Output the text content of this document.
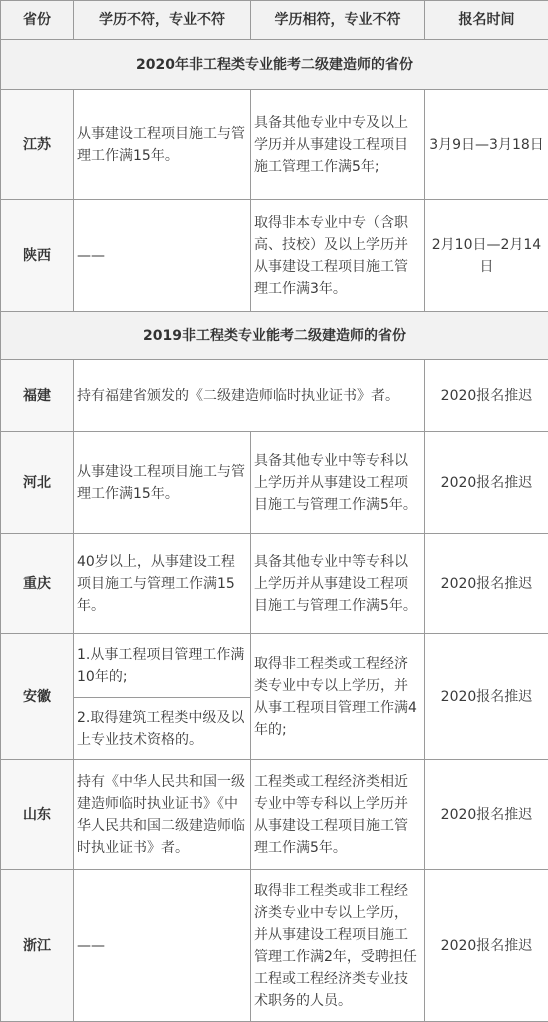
省份	学历不符，专业不符	学历相符，专业不符	报名时间
2020年非工程类专业能考二级建造师的省份			
江苏	从事建设工程项目施工与管理工作满15年。	具备其他专业中专及以上学历并从事建设工程项目施工管理工作满5年;	3月9日—3月18日
陕西	——	取得非本专业中专（含职高、技校）及以上学历并从事建设工程项目施工管理工作满3年。	2月10日—2月14日
2019非工程类专业能考二级建造师的省份			
福建	持有福建省颁发的《二级建造师临时执业证书》者。		2020报名推迟
河北	从事建设工程项目施工与管理工作满15年。	具备其他专业中等专科以上学历并从事建设工程项目施工与管理工作满5年。	2020报名推迟
重庆	40岁以上，从事建设工程项目施工与管理工作满15年。	具备其他专业中等专科以上学历并从事建设工程项目施工与管理工作满5年。	2020报名推迟
安徽	1.从事工程项目管理工作满10年的;	取得非工程类或工程经济类专业中专以上学历，并从事工程项目管理工作满4年的;	2020报名推迟
	2.取得建筑工程类中级及以上专业技术资格的。		
山东	持有《中华人民共和国一级建造师临时执业证书》《中华人民共和国二级建造师临时执业证书》者。	工程类或工程经济类相近专业中等专科以上学历并从事建设工程项目施工管理工作满5年。	2020报名推迟
浙江	——	取得非工程类或非工程经济类专业中专以上学历，并从事建设工程项目施工管理工作满2年，受聘担任工程或工程经济类专业技术职务的人员。	2020报名推迟
